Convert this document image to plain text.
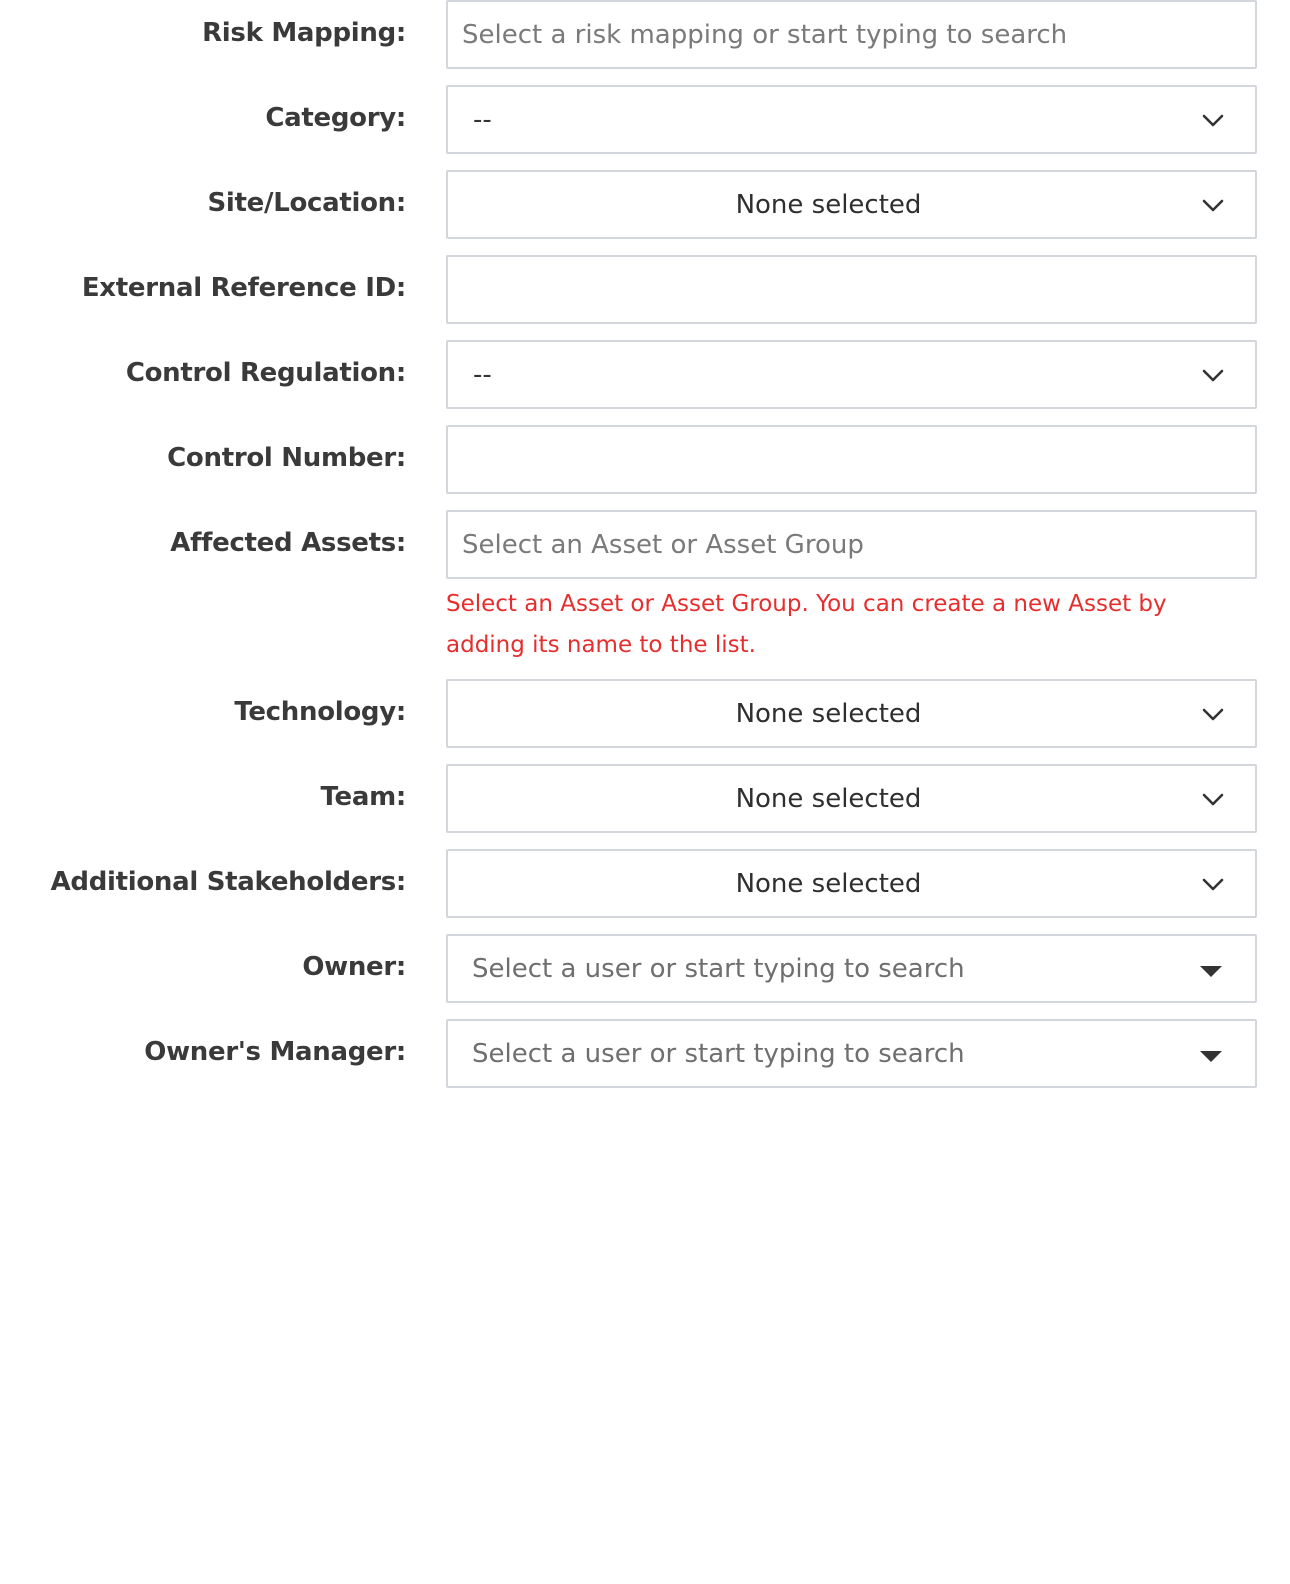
Risk Mapping:	Select a risk mapping or start typing to search
Category:	--
Site/Location:	None selected
External Reference ID:
Control Regulation:	--
Control Number:
Affected Assets:	Select an Asset or Asset Group
Select an Asset or Asset Group. You can create a new Asset by adding its name to the list.
Technology:	None selected
Team:	None selected
Additional Stakeholders:	None selected
Owner:	Select a user or start typing to search
Owner's Manager:	Select a user or start typing to search
